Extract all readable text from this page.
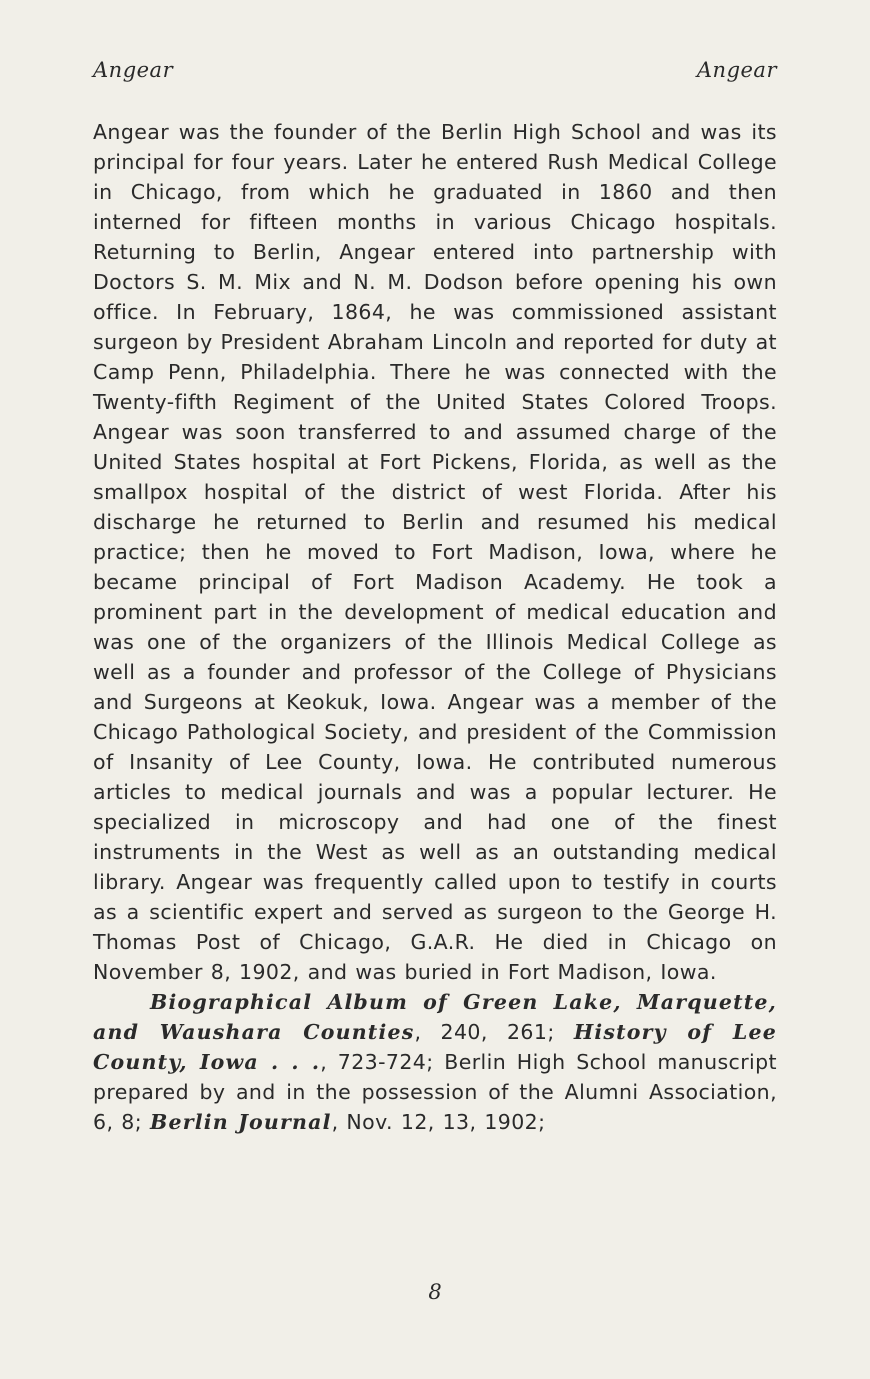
Angear	Angear

Angear was the founder of the Berlin High School and was its principal for four years. Later he entered Rush Medical College in Chicago, from which he graduated in 1860 and then interned for fifteen months in various Chicago hospitals. Returning to Berlin, Angear entered into partnership with Doctors S. M. Mix and N. M. Dodson before opening his own office. In February, 1864, he was commissioned assistant surgeon by President Abraham Lincoln and reported for duty at Camp Penn, Philadelphia. There he was connected with the Twenty-fifth Regiment of the United States Colored Troops. Angear was soon transferred to and assumed charge of the United States hospital at Fort Pickens, Florida, as well as the smallpox hospital of the district of west Florida. After his discharge he returned to Berlin and resumed his medical practice; then he moved to Fort Madison, Iowa, where he became principal of Fort Madison Academy. He took a prominent part in the development of medical education and was one of the organizers of the Illinois Medical College as well as a founder and professor of the College of Physicians and Surgeons at Keokuk, Iowa. Angear was a member of the Chicago Pathological Society, and president of the Commission of Insanity of Lee County, Iowa. He contributed numerous articles to medical journals and was a popular lecturer. He specialized in microscopy and had one of the finest instruments in the West as well as an outstanding medical library. Angear was frequently called upon to testify in courts as a scientific expert and served as surgeon to the George H. Thomas Post of Chicago, G.A.R. He died in Chicago on November 8, 1902, and was buried in Fort Madison, Iowa.

Biographical Album of Green Lake, Marquette, and Waushara Counties, 240, 261; History of Lee County, Iowa . . ., 723-724; Berlin High School manuscript prepared by and in the possession of the Alumni Association, 6, 8; Berlin Journal, Nov. 12, 13, 1902;

8
